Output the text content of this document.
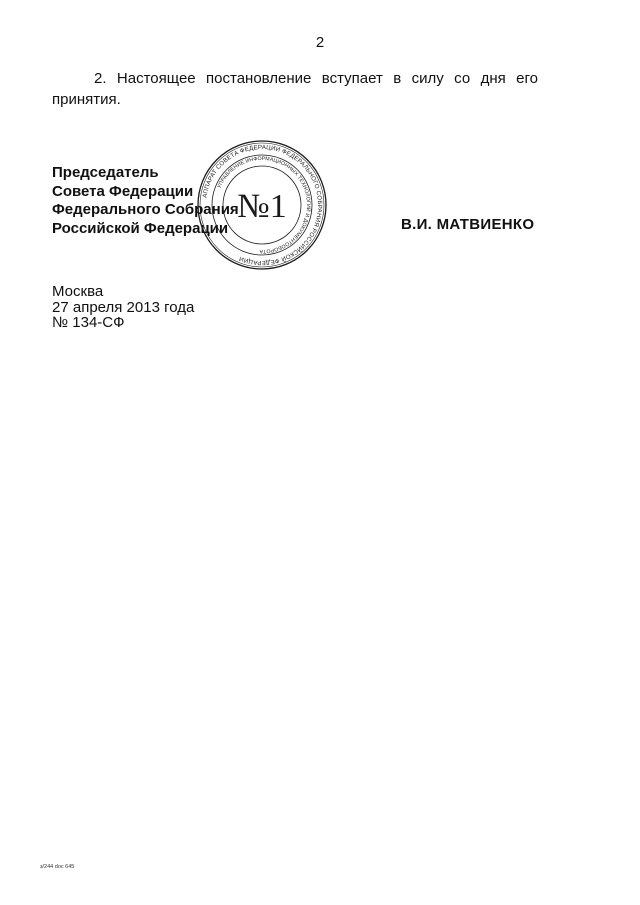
2
2. Настоящее постановление вступает в силу со дня его
принятия.
Председатель
Совета Федерации
Федерального Собрания
Российской Федерации
АППАРАТ СОВЕТА ФЕДЕРАЦИИ ФЕДЕРАЛЬНОГО СОБРАНИЯ РОССИЙСКОЙ ФЕДЕРАЦИИ
УПРАВЛЕНИЕ ИНФОРМАЦИОННЫХ ТЕХНОЛОГИЙ И ДОКУМЕНТООБОРОТА
№1	В.И. МАТВИЕНКО
Москва
27 апреля 2013 года
№ 134-СФ
з/244 doc 645
